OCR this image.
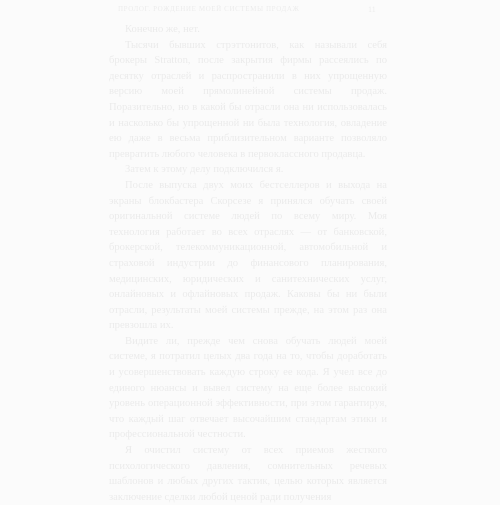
ПРОЛОГ. РОЖДЕНИЕ МОЕЙ СИСТЕМЫ ПРОДАЖ	11

Конечно же, нет.

Тысячи бывших стрэттонитов, как называли себя брокеры Stratton, после закрытия фирмы рассеялись по десятку отраслей и распространили в них упрощенную версию моей прямолинейной системы продаж. Поразительно, но в какой бы отрасли она ни использовалась и насколько бы упрощенной ни была технология, овладение ею даже в весьма приблизительном варианте позволяло превратить любого человека в первоклассного продавца.

Затем к этому делу подключился я.

После выпуска двух моих бестселлеров и выхода на экраны блокбастера Скорсезе я принялся обучать своей оригинальной системе людей по всему миру. Моя технология работает во всех отраслях — от банковской, брокерской, телекоммуникационной, автомобильной и страховой индустрии до финансового планирования, медицинских, юридических и санитехнических услуг, онлайновых и офлайновых продаж. Каковы бы ни были отрасли, результаты моей системы прежде, на этом раз она превзошла их.

Видите ли, прежде чем снова обучать людей моей системе, я потратил целых два года на то, чтобы доработать и усовершенствовать каждую строку ее кода. Я учел все до единого нюансы и вывел систему на еще более высокий уровень операционной эффективности, при этом гарантируя, что каждый шаг отвечает высочайшим стандартам этики и профессиональной честности.

Я очистил систему от всех приемов жесткого психологического давления, сомнительных речевых шаблонов и любых других тактик, целью которых является заключение сделки любой ценой ради получения
